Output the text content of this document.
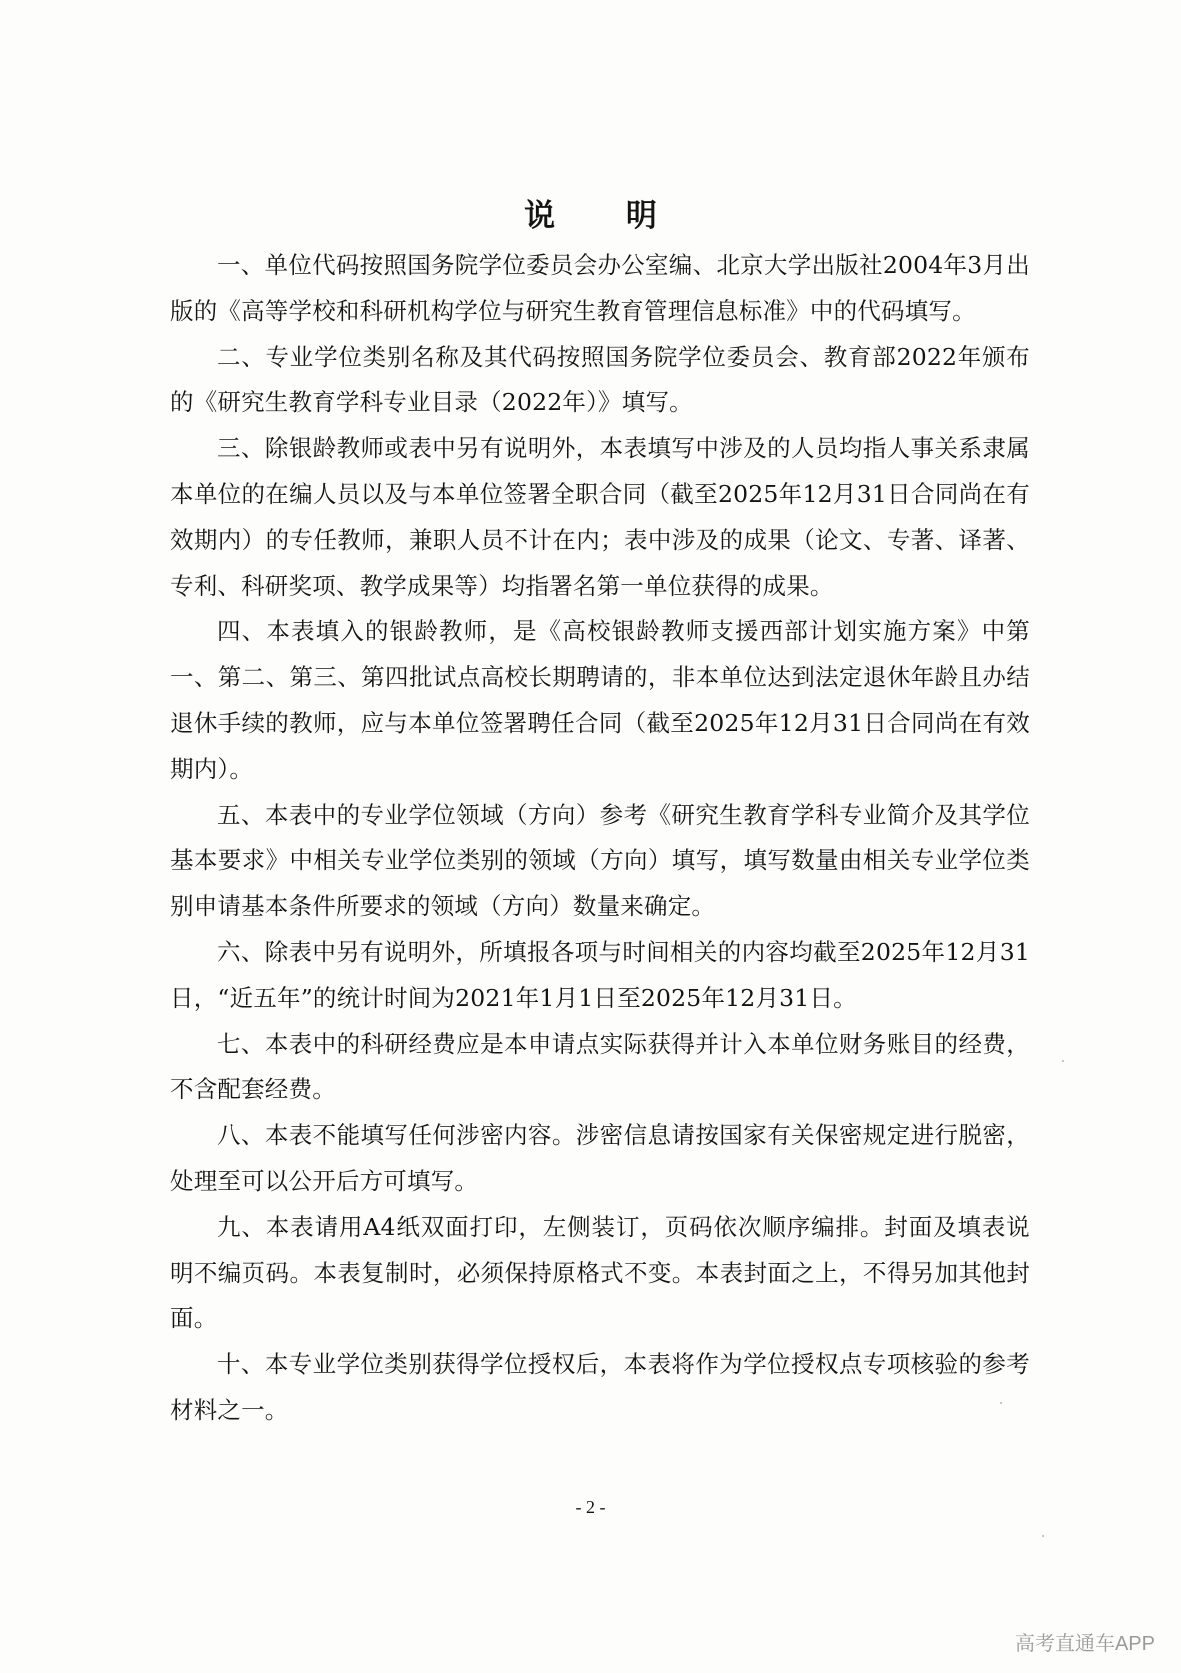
说 明

一、单位代码按照国务院学位委员会办公室编、北京大学出版社2004年3月出版的《高等学校和科研机构学位与研究生教育管理信息标准》中的代码填写。

二、专业学位类别名称及其代码按照国务院学位委员会、教育部2022年颁布的《研究生教育学科专业目录（2022年）》填写。

三、除银龄教师或表中另有说明外，本表填写中涉及的人员均指人事关系隶属本单位的在编人员以及与本单位签署全职合同（截至2025年12月31日合同尚在有效期内）的专任教师，兼职人员不计在内；表中涉及的成果（论文、专著、译著、专利、科研奖项、教学成果等）均指署名第一单位获得的成果。

四、本表填入的银龄教师，是《高校银龄教师支援西部计划实施方案》中第一、第二、第三、第四批试点高校长期聘请的，非本单位达到法定退休年龄且办结退休手续的教师，应与本单位签署聘任合同（截至2025年12月31日合同尚在有效期内）。

五、本表中的专业学位领域（方向）参考《研究生教育学科专业简介及其学位基本要求》中相关专业学位类别的领域（方向）填写，填写数量由相关专业学位类别申请基本条件所要求的领域（方向）数量来确定。

六、除表中另有说明外，所填报各项与时间相关的内容均截至2025年12月31日，“近五年”的统计时间为2021年1月1日至2025年12月31日。

七、本表中的科研经费应是本申请点实际获得并计入本单位财务账目的经费，不含配套经费。

八、本表不能填写任何涉密内容。涉密信息请按国家有关保密规定进行脱密，处理至可以公开后方可填写。

九、本表请用A4纸双面打印，左侧装订，页码依次顺序编排。封面及填表说明不编页码。本表复制时，必须保持原格式不变。本表封面之上，不得另加其他封面。

十、本专业学位类别获得学位授权后，本表将作为学位授权点专项核验的参考材料之一。

- 2 -
高考直通车APP
